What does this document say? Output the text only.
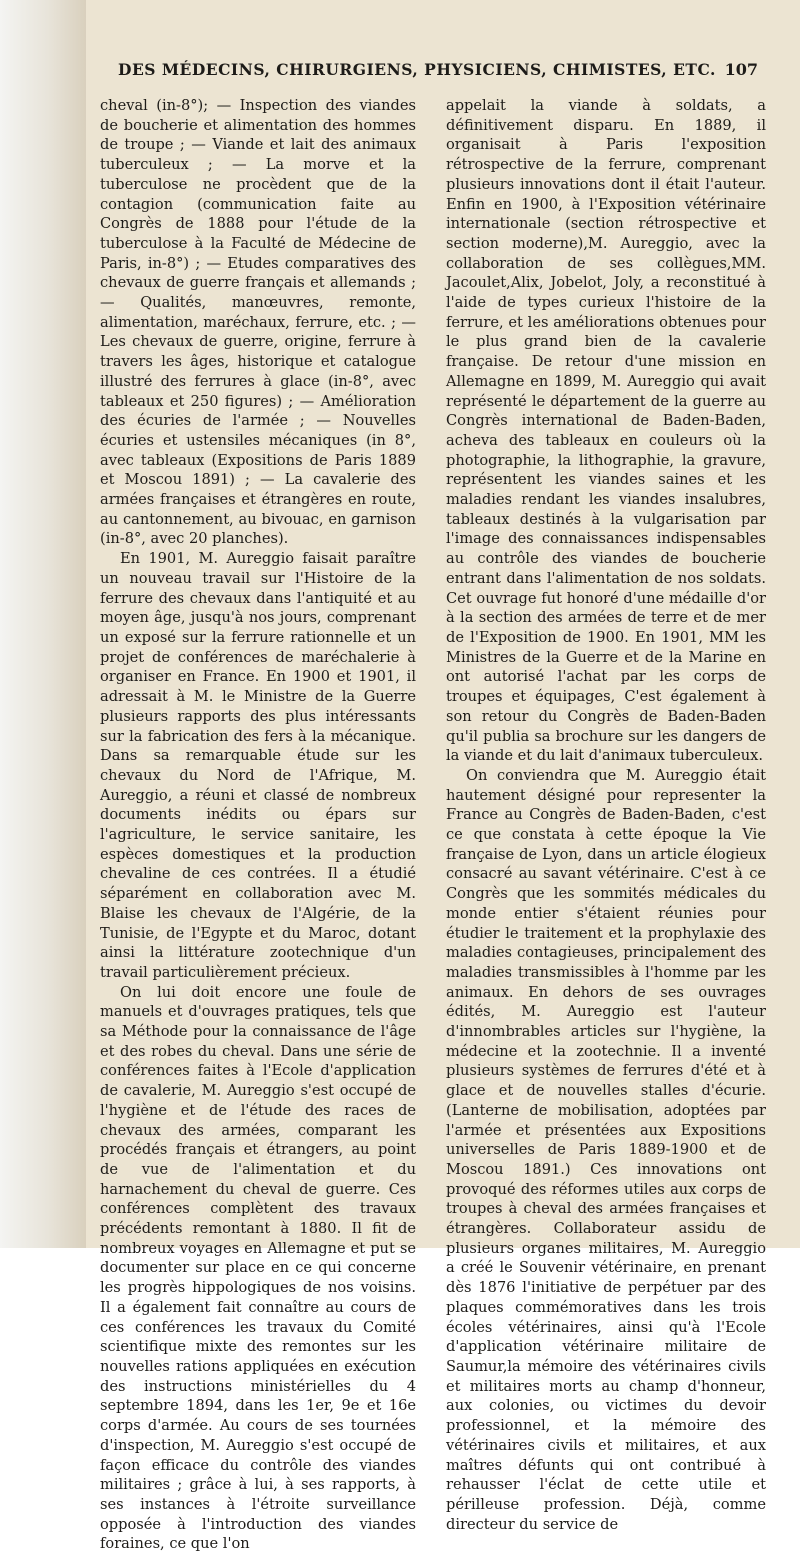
DES MÉDECINS, CHIRURGIENS, PHYSICIENS, CHIMISTES, ETC. 107

cheval (in-8°); — Inspection des viandes de boucherie et alimentation des hommes de troupe ; — Viande et lait des animaux tuberculeux ; — La morve et la tuberculose ne procèdent que de la contagion (communication faite au Congrès de 1888 pour l'étude de la tuberculose à la Faculté de Médecine de Paris, in-8°) ; — Etudes comparatives des chevaux de guerre français et allemands ; — Qualités, manœuvres, remonte, alimentation, maréchaux, ferrure, etc. ; — Les chevaux de guerre, origine, ferrure à travers les âges, historique et catalogue illustré des ferrures à glace (in-8°, avec tableaux et 250 figures) ; — Amélioration des écuries de l'armée ; — Nouvelles écuries et ustensiles mécaniques (in 8°, avec tableaux (Expositions de Paris 1889 et Moscou 1891) ; — La cavalerie des armées françaises et étrangères en route, au cantonnement, au bivouac, en garnison (in-8°, avec 20 planches).

En 1901, M. Aureggio faisait paraître un nouveau travail sur l'Histoire de la ferrure des chevaux dans l'antiquité et au moyen âge, jusqu'à nos jours, comprenant un exposé sur la ferrure rationnelle et un projet de conférences de maréchalerie à organiser en France. En 1900 et 1901, il adressait à M. le Ministre de la Guerre plusieurs rapports des plus intéressants sur la fabrication des fers à la mécanique. Dans sa remarquable étude sur les chevaux du Nord de l'Afrique, M. Aureggio, a réuni et classé de nombreux documents inédits ou épars sur l'agriculture, le service sanitaire, les espèces domestiques et la production chevaline de ces contrées. Il a étudié séparément en collaboration avec M. Blaise les chevaux de l'Algérie, de la Tunisie, de l'Egypte et du Maroc, dotant ainsi la littérature zootechnique d'un travail particulièrement précieux.

On lui doit encore une foule de manuels et d'ouvrages pratiques, tels que sa Méthode pour la connaissance de l'âge et des robes du cheval. Dans une série de conférences faites à l'Ecole d'application de cavalerie, M. Aureggio s'est occupé de l'hygiène et de l'étude des races de chevaux des armées, comparant les procédés français et étrangers, au point de vue de l'alimentation et du harnachement du cheval de guerre. Ces conférences complètent des travaux précédents remontant à 1880. Il fit de nombreux voyages en Allemagne et put se documenter sur place en ce qui concerne les progrès hippologiques de nos voisins. Il a également fait connaître au cours de ces conférences les travaux du Comité scientifique mixte des remontes sur les nouvelles rations appliquées en exécution des instructions ministérielles du 4 septembre 1894, dans les 1er, 9e et 16e corps d'armée. Au cours de ses tournées d'inspection, M. Aureggio s'est occupé de façon efficace du contrôle des viandes militaires ; grâce à lui, à ses rapports, à ses instances à l'étroite surveillance opposée à l'introduction des viandes foraines, ce que l'on

appelait la viande à soldats, a définitivement disparu. En 1889, il organisait à Paris l'exposition rétrospective de la ferrure, comprenant plusieurs innovations dont il était l'auteur. Enfin en 1900, à l'Exposition vétérinaire internationale (section rétrospective et section moderne),M. Aureggio, avec la collaboration de ses collègues,MM. Jacoulet,Alix, Jobelot, Joly, a reconstitué à l'aide de types curieux l'histoire de la ferrure, et les améliorations obtenues pour le plus grand bien de la cavalerie française. De retour d'une mission en Allemagne en 1899, M. Aureggio qui avait représenté le département de la guerre au Congrès international de Baden-Baden, acheva des tableaux en couleurs où la photographie, la lithographie, la gravure, représentent les viandes saines et les maladies rendant les viandes insalubres, tableaux destinés à la vulgarisation par l'image des connaissances indispensables au contrôle des viandes de boucherie entrant dans l'alimentation de nos soldats. Cet ouvrage fut honoré d'une médaille d'or à la section des armées de terre et de mer de l'Exposition de 1900. En 1901, MM les Ministres de la Guerre et de la Marine en ont autorisé l'achat par les corps de troupes et équipages, C'est également à son retour du Congrès de Baden-Baden qu'il publia sa brochure sur les dangers de la viande et du lait d'animaux tuberculeux.

On conviendra que M. Aureggio était hautement désigné pour representer la France au Congrès de Baden-Baden, c'est ce que constata à cette époque la Vie française de Lyon, dans un article élogieux consacré au savant vétérinaire. C'est à ce Congrès que les sommités médicales du monde entier s'étaient réunies pour étudier le traitement et la prophylaxie des maladies contagieuses, principalement des maladies transmissibles à l'homme par les animaux. En dehors de ses ouvrages édités, M. Aureggio est l'auteur d'innombrables articles sur l'hygiène, la médecine et la zootechnie. Il a inventé plusieurs systèmes de ferrures d'été et à glace et de nouvelles stalles d'écurie. (Lanterne de mobilisation, adoptées par l'armée et présentées aux Expositions universelles de Paris 1889-1900 et de Moscou 1891.) Ces innovations ont provoqué des réformes utiles aux corps de troupes à cheval des armées françaises et étrangères. Collaborateur assidu de plusieurs organes militaires, M. Aureggio a créé le Souvenir vétérinaire, en prenant dès 1876 l'initiative de perpétuer par des plaques commémoratives dans les trois écoles vétérinaires, ainsi qu'à l'Ecole d'application vétérinaire militaire de Saumur,la mémoire des vétérinaires civils et militaires morts au champ d'honneur, aux colonies, ou victimes du devoir professionnel, et la mémoire des vétérinaires civils et militaires, et aux maîtres défunts qui ont contribué à rehausser l'éclat de cette utile et périlleuse profession. Déjà, comme directeur du service de
